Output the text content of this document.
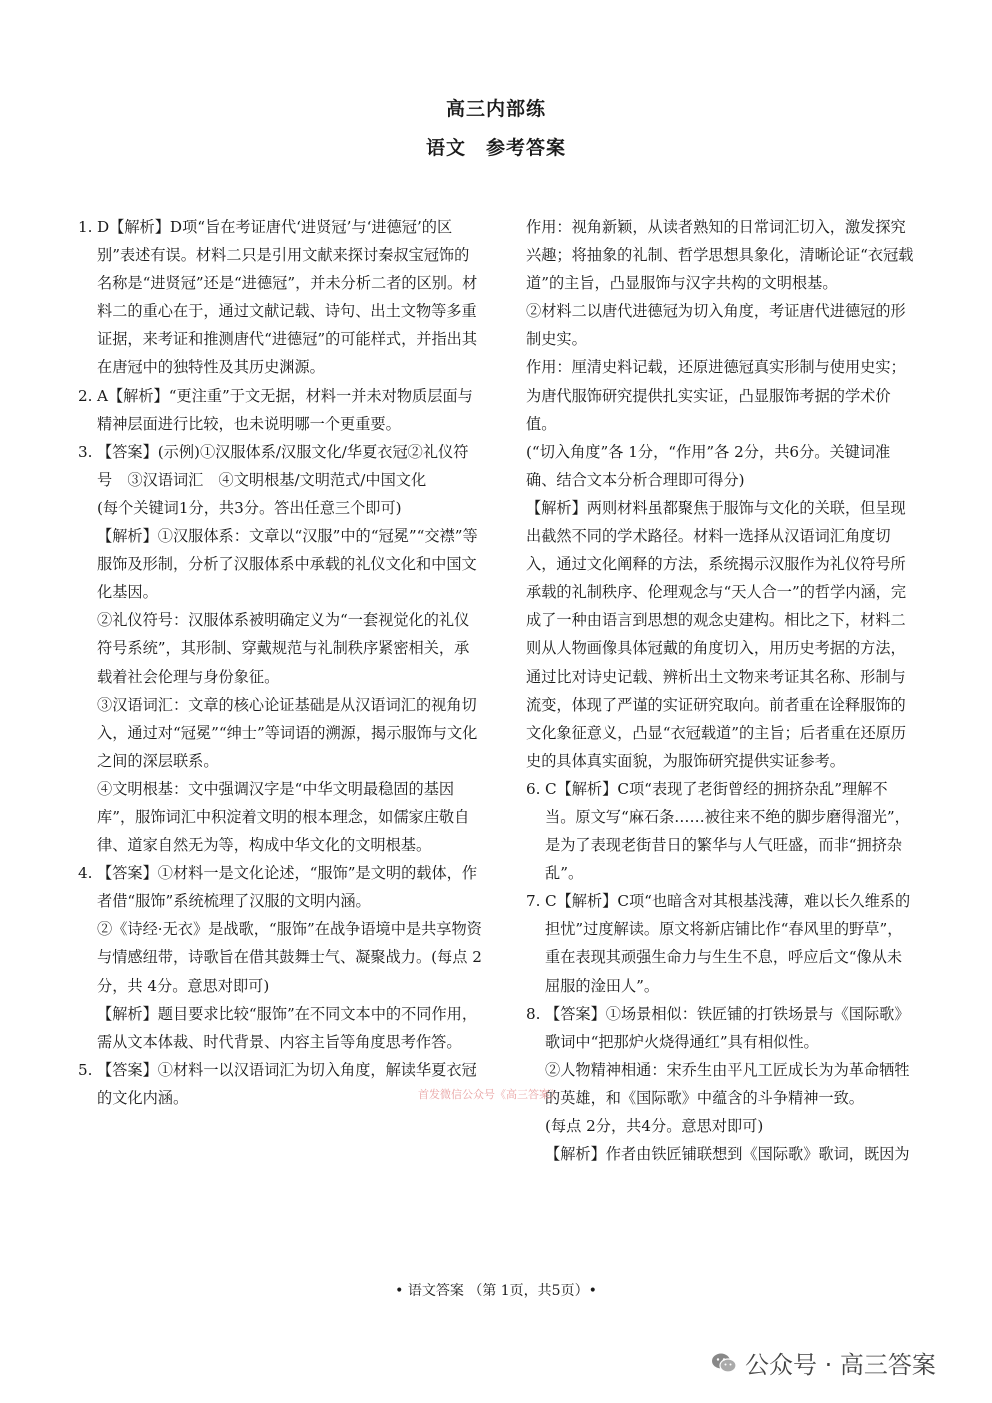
高三内部练
语文　参考答案
1. D【解析】D项“旨在考证唐代‘进贤冠’与‘进德冠’的区别”表述有误。材料二只是引用文献来探讨秦叔宝冠饰的名称是“进贤冠”还是“进德冠”，并未分析二者的区别。材料二的重心在于，通过文献记载、诗句、出土文物等多重证据，来考证和推测唐代“进德冠”的可能样式，并指出其在唐冠中的独特性及其历史渊源。

2. A【解析】“更注重”于文无据，材料一并未对物质层面与精神层面进行比较，也未说明哪一个更重要。

3. 【答案】(示例)①汉服体系/汉服文化/华夏衣冠②礼仪符号　③汉语词汇　④文明根基/文明范式/中国文化

(每个关键词1分，共3分。答出任意三个即可)

【解析】①汉服体系：文章以“汉服”中的“冠冕”“交襟”等服饰及形制，分析了汉服体系中承载的礼仪文化和中国文化基因。

②礼仪符号：汉服体系被明确定义为“一套视觉化的礼仪符号系统”，其形制、穿戴规范与礼制秩序紧密相关，承载着社会伦理与身份象征。

③汉语词汇：文章的核心论证基础是从汉语词汇的视角切入，通过对“冠冕”“绅士”等词语的溯源，揭示服饰与文化之间的深层联系。

④文明根基：文中强调汉字是“中华文明最稳固的基因库”，服饰词汇中积淀着文明的根本理念，如儒家庄敬自律、道家自然无为等，构成中华文化的文明根基。

4. 【答案】①材料一是文化论述，“服饰”是文明的载体，作者借“服饰”系统梳理了汉服的文明内涵。

②《诗经·无衣》是战歌，“服饰”在战争语境中是共享物资与情感纽带，诗歌旨在借其鼓舞士气、凝聚战力。(每点 2分，共 4分。意思对即可)

【解析】题目要求比较“服饰”在不同文本中的不同作用，需从文本体裁、时代背景、内容主旨等角度思考作答。

5. 【答案】①材料一以汉语词汇为切入角度，解读华夏衣冠的文化内涵。

作用：视角新颖，从读者熟知的日常词汇切入，激发探究兴趣；将抽象的礼制、哲学思想具象化，清晰论证“衣冠载道”的主旨，凸显服饰与汉字共构的文明根基。

②材料二以唐代进德冠为切入角度，考证唐代进德冠的形制史实。

作用：厘清史料记载，还原进德冠真实形制与使用史实；为唐代服饰研究提供扎实实证，凸显服饰考据的学术价值。

(“切入角度”各 1分，“作用”各 2分，共6分。关键词准确、结合文本分析合理即可得分)

【解析】两则材料虽都聚焦于服饰与文化的关联，但呈现出截然不同的学术路径。材料一选择从汉语词汇角度切入，通过文化阐释的方法，系统揭示汉服作为礼仪符号所承载的礼制秩序、伦理观念与“天人合一”的哲学内涵，完成了一种由语言到思想的观念史建构。相比之下，材料二则从人物画像具体冠戴的角度切入，用历史考据的方法，通过比对诗史记载、辨析出土文物来考证其名称、形制与流变，体现了严谨的实证研究取向。前者重在诠释服饰的文化象征意义，凸显“衣冠载道”的主旨；后者重在还原历史的具体真实面貌，为服饰研究提供实证参考。

6. C【解析】C项“表现了老街曾经的拥挤杂乱”理解不当。原文写“麻石条……被往来不绝的脚步磨得溜光”，是为了表现老街昔日的繁华与人气旺盛，而非“拥挤杂乱”。

7. C【解析】C项“也暗含对其根基浅薄，难以长久维系的担忧”过度解读。原文将新店铺比作“春风里的野草”，重在表现其顽强生命力与生生不息，呼应后文“像从未屈服的淦田人”。

8. 【答案】①场景相似：铁匠铺的打铁场景与《国际歌》歌词中“把那炉火烧得通红”具有相似性。

②人物精神相通：宋乔生由平凡工匠成长为为革命牺牲的英雄，和《国际歌》中蕴含的斗争精神一致。

(每点 2分，共4分。意思对即可)

【解析】作者由铁匠铺联想到《国际歌》歌词，既因为

首发微信公众号《高三答案》
• 语文答案 （第 1页，共5页）•
公众号 · 高三答案
